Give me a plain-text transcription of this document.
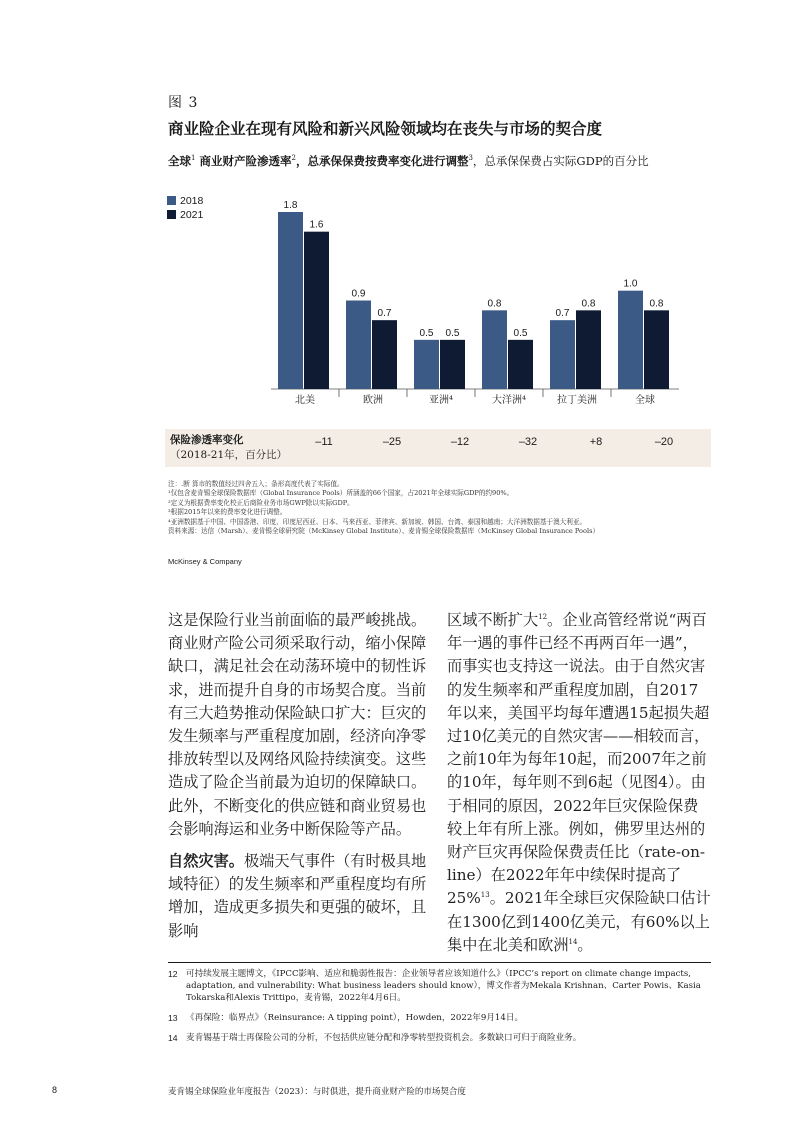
图 3
商业险企业在现有风险和新兴风险领域均在丧失与市场的契合度
全球$^1$ 商业财产险渗透率$^2$，总承保保费按费率变化进行调整$^3$，总承保保费占实际GDP的百分比
2018
2021
1.8
1.6
北美
0.9
0.7
欧洲
0.5 0.5
亚洲⁴
0.8
0.5
大洋洲⁴
0.7
0.8
拉丁美洲
1.0
0.8
全球
保险渗透率变化
（2018-21年，百分比）
–11	–25	–12	–32	+8	–20
注：.断 算市的数值经过四舍五入；条形高度代表了实际值。
¹仅包含麦肯锡全球保险数据库（Global Insurance Pools）所涵盖的66个国家，占2021年全球实际GDP的约90%。
²定义为根据费率变化校正后商险业务市场GWP除以实际GDP。
³根据2015年以来的费率变化进行调整。
⁴亚洲数据基于中国、中国香港、印度、印度尼西亚、日本、马来西亚、菲律宾、新加坡、韩国、台湾、泰国和越南；大洋洲数据基于澳大利亚。
资料来源：达信（Marsh）、麦肯锡全球研究院（McKinsey Global Institute）、麦肯锡全球保险数据库（McKinsey Global Insurance Pools）
McKinsey & Company

这是保险行业当前面临的最严峻挑战。商业财产险公司须采取行动，缩小保障缺口，满足社会在动荡环境中的韧性诉求，进而提升自身的市场契合度。当前有三大趋势推动保险缺口扩大：巨灾的发生频率与严重程度加剧，经济向净零排放转型以及网络风险持续演变。这些造成了险企当前最为迫切的保障缺口。此外，不断变化的供应链和商业贸易也会影响海运和业务中断保险等产品。

自然灾害。极端天气事件（有时极具地域特征）的发生频率和严重程度均有所增加，造成更多损失和更强的破坏，且影响

区域不断扩大$^{12}$。企业高管经常说“两百年一遇的事件已经不再两百年一遇”，而事实也支持这一说法。由于自然灾害的发生频率和严重程度加剧，自2017年以来，美国平均每年遭遇15起损失超过10亿美元的自然灾害——相较而言，之前10年为每年10起，而2007年之前的10年，每年则不到6起（见图4）。由于相同的原因，2022年巨灾保险保费较上年有所上涨。例如，佛罗里达州的财产巨灾再保险保费责任比（rate-on-line）在2022年年中续保时提高了25%$^{13}$。2021年全球巨灾保险缺口估计在1300亿到1400亿美元，有60%以上集中在北美和欧洲$^{14}$。

12 可持续发展主题博文，《IPCC影响、适应和脆弱性报告：企业领导者应该知道什么》（IPCC’s report on climate change impacts, adaptation, and vulnerability: What business leaders should know），博文作者为Mekala Krishnan、Carter Powis、Kasia Tokarska和Alexis Trittipo，麦肯锡，2022年4月6日。
13 《再保险：临界点》（Reinsurance: A tipping point），Howden，2022年9月14日。
14 麦肯锡基于瑞士再保险公司的分析，不包括供应链分配和净零转型投资机会。多数缺口可归于商险业务。
8	麦肯锡全球保险业年度报告（2023）：与时俱进，提升商业财产险的市场契合度
